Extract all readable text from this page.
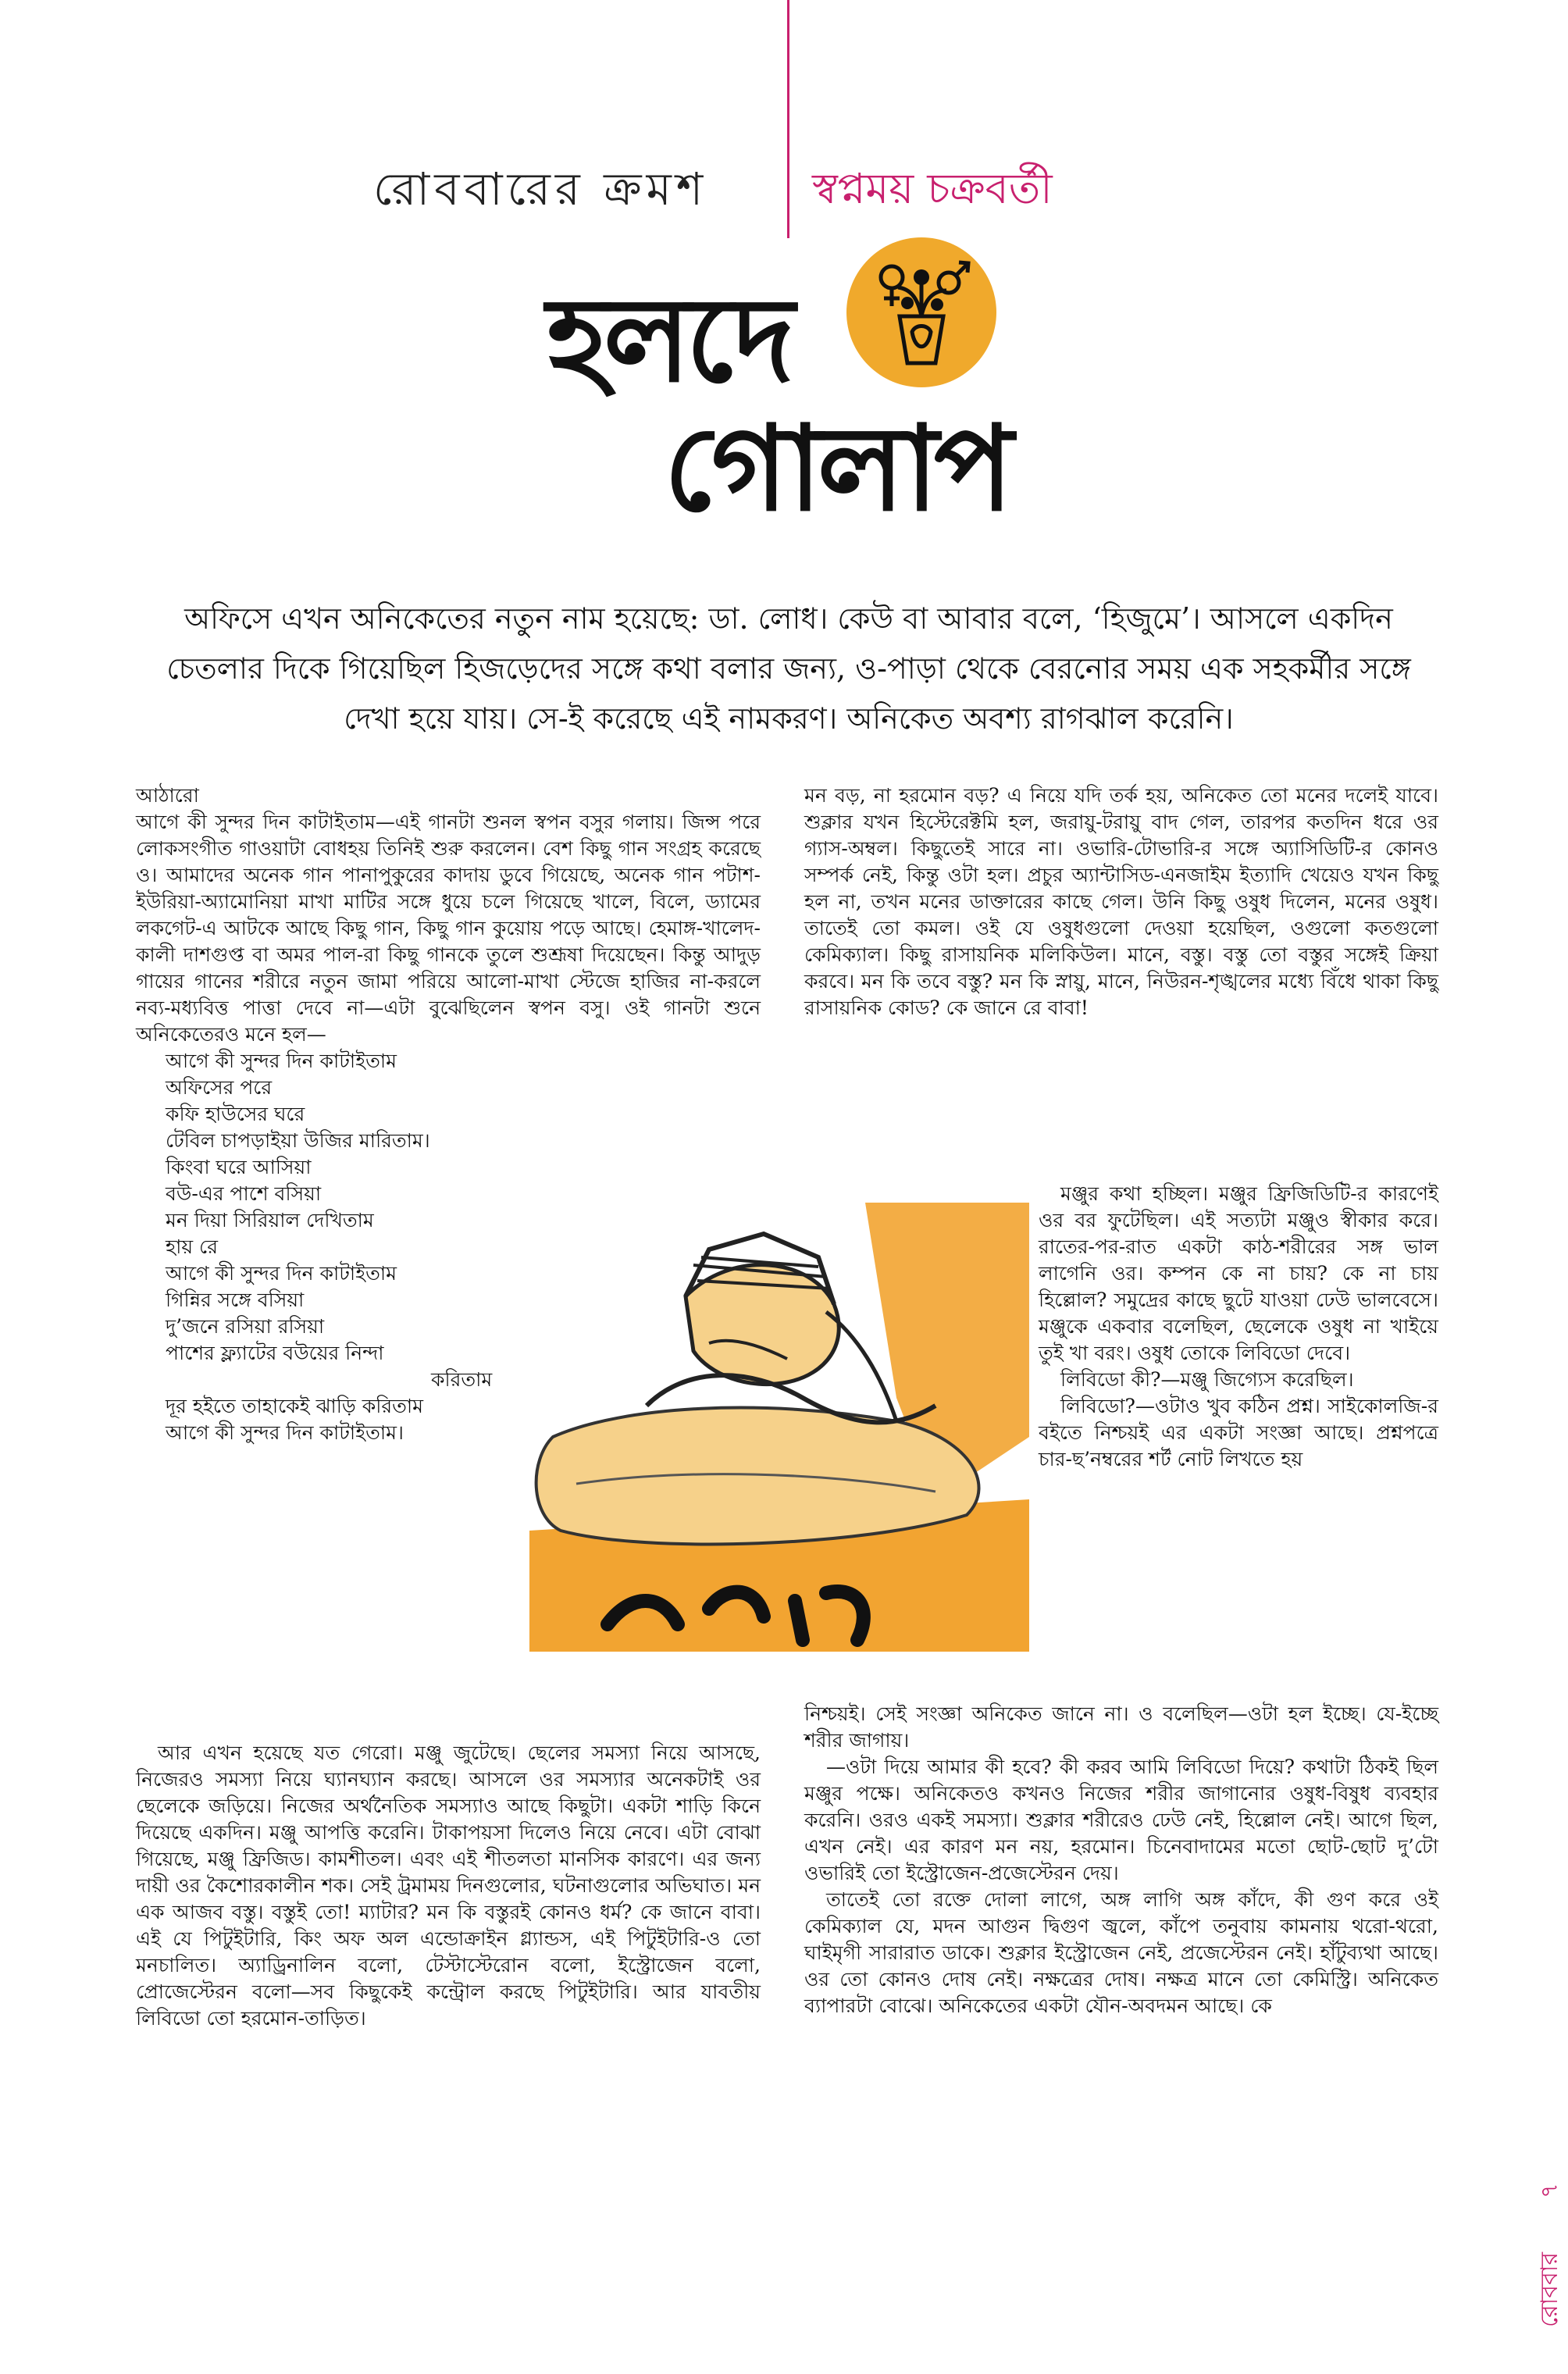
রোববারের ক্রমশ স্বপ্নময় চক্রবর্তী
হলদে
গোলাপ
অফিসে এখন অনিকেতের নতুন নাম হয়েছে: ডা. লোধ। কেউ বা আবার বলে, ‘হিজুমে’। আসলে একদিন চেতলার দিকে গিয়েছিল হিজড়েদের সঙ্গে কথা বলার জন্য, ও-পাড়া থেকে বেরনোর সময় এক সহকর্মীর সঙ্গে দেখা হয়ে যায়। সে-ই করেছে এই নামকরণ। অনিকেত অবশ্য রাগঝাল করেনি।

আঠারো

আগে কী সুন্দর দিন কাটাইতাম—এই গানটা শুনল স্বপন বসুর গলায়। জিন্স পরে লোকসংগীত গাওয়াটা বোধহয় তিনিই শুরু করলেন। বেশ কিছু গান সংগ্রহ করেছে ও। আমাদের অনেক গান পানাপুকুরের কাদায় ডুবে গিয়েছে, অনেক গান পটাশ-ইউরিয়া-অ্যামোনিয়া মাখা মাটির সঙ্গে ধুয়ে চলে গিয়েছে খালে, বিলে, ড্যামের লকগেট-এ আটকে আছে কিছু গান, কিছু গান কুয়োয় পড়ে আছে। হেমাঙ্গ-খালেদ-কালী দাশগুপ্ত বা অমর পাল-রা কিছু গানকে তুলে শুশ্রূষা দিয়েছেন। কিন্তু আদুড় গায়ের গানের শরীরে নতুন জামা পরিয়ে আলো-মাখা স্টেজে হাজির না-করলে নব্য-মধ্যবিত্ত পাত্তা দেবে না—এটা বুঝেছিলেন স্বপন বসু। ওই গানটা শুনে অনিকেতেরও মনে হল—

আগে কী সুন্দর দিন কাটাইতাম

অফিসের পরে

কফি হাউসের ঘরে

টেবিল চাপড়াইয়া উজির মারিতাম।

কিংবা ঘরে আসিয়া

বউ-এর পাশে বসিয়া

মন দিয়া সিরিয়াল দেখিতাম

হায় রে

আগে কী সুন্দর দিন কাটাইতাম

গিন্নির সঙ্গে বসিয়া

দু’জনে রসিয়া রসিয়া

পাশের ফ্ল্যাটের বউয়ের নিন্দা

করিতাম

দূর হইতে তাহাকেই ঝাড়ি করিতাম

আগে কী সুন্দর দিন কাটাইতাম।

আর এখন হয়েছে যত গেরো। মঞ্জু জুটেছে। ছেলের সমস্যা নিয়ে আসছে, নিজেরও সমস্যা নিয়ে ঘ্যানঘ্যান করছে। আসলে ওর সমস্যার অনেকটাই ওর ছেলেকে জড়িয়ে। নিজের অর্থনৈতিক সমস্যাও আছে কিছুটা। একটা শাড়ি কিনে দিয়েছে একদিন। মঞ্জু আপত্তি করেনি। টাকাপয়সা দিলেও নিয়ে নেবে। এটা বোঝা গিয়েছে, মঞ্জু ফ্রিজিড। কামশীতল। এবং এই শীতলতা মানসিক কারণে। এর জন্য দায়ী ওর কৈশোরকালীন শক। সেই ট্রমাময় দিনগুলোর, ঘটনাগুলোর অভিঘাত। মন এক আজব বস্তু। বস্তুই তো! ম্যাটার? মন কি বস্তুরই কোনও ধর্ম? কে জানে বাবা। এই যে পিটুইটারি, কিং অফ অল এন্ডোক্রাইন গ্ল্যান্ডস, এই পিটুইটারি-ও তো মনচালিত। অ্যাড্রিনালিন বলো, টেস্টাস্টেরোন বলো, ইস্ট্রোজেন বলো, প্রোজেস্টেরন বলো—সব কিছুকেই কন্ট্রোল করছে পিটুইটারি। আর যাবতীয় লিবিডো তো হরমোন-তাড়িত।

মন বড়, না হরমোন বড়? এ নিয়ে যদি তর্ক হয়, অনিকেত তো মনের দলেই যাবে। শুক্লার যখন হিস্টেরেক্টমি হল, জরায়ু-টরায়ু বাদ গেল, তারপর কতদিন ধরে ওর গ্যাস-অম্বল। কিছুতেই সারে না। ওভারি-টোভারি-র সঙ্গে অ্যাসিডিটি-র কোনও সম্পর্ক নেই, কিন্তু ওটা হল। প্রচুর অ্যান্টাসিড-এনজাইম ইত্যাদি খেয়েও যখন কিছু হল না, তখন মনের ডাক্তারের কাছে গেল। উনি কিছু ওষুধ দিলেন, মনের ওষুধ। তাতেই তো কমল। ওই যে ওষুধগুলো দেওয়া হয়েছিল, ওগুলো কতগুলো কেমিক্যাল। কিছু রাসায়নিক মলিকিউল। মানে, বস্তু। বস্তু তো বস্তুর সঙ্গেই ক্রিয়া করবে। মন কি তবে বস্তু? মন কি স্নায়ু, মানে, নিউরন-শৃঙ্খলের মধ্যে বিঁধে থাকা কিছু রাসায়নিক কোড? কে জানে রে বাবা!

মঞ্জুর কথা হচ্ছিল। মঞ্জুর ফ্রিজিডিটি-র কারণেই ওর বর ফুটেছিল। এই সত্যটা মঞ্জুও স্বীকার করে। রাতের-পর-রাত একটা কাঠ-শরীরের সঙ্গ ভাল লাগেনি ওর। কম্পন কে না চায়? কে না চায় হিল্লোল? সমুদ্রের কাছে ছুটে যাওয়া ঢেউ ভালবেসে। মঞ্জুকে একবার বলেছিল, ছেলেকে ওষুধ না খাইয়ে তুই খা বরং। ওষুধ তোকে লিবিডো দেবে।

লিবিডো কী?—মঞ্জু জিগ্যেস করেছিল।

লিবিডো?—ওটাও খুব কঠিন প্রশ্ন। সাইকোলজি-র বইতে নিশ্চয়ই এর একটা সংজ্ঞা আছে। প্রশ্নপত্রে চার-ছ’নম্বরের শর্ট নোট লিখতে হয়

নিশ্চয়ই। সেই সংজ্ঞা অনিকেত জানে না। ও বলেছিল—ওটা হল ইচ্ছে। যে-ইচ্ছে শরীর জাগায়।

—ওটা দিয়ে আমার কী হবে? কী করব আমি লিবিডো দিয়ে? কথাটা ঠিকই ছিল মঞ্জুর পক্ষে। অনিকেতও কখনও নিজের শরীর জাগানোর ওষুধ-বিষুধ ব্যবহার করেনি। ওরও একই সমস্যা। শুক্লার শরীরেও ঢেউ নেই, হিল্লোল নেই। আগে ছিল, এখন নেই। এর কারণ মন নয়, হরমোন। চিনেবাদামের মতো ছোট-ছোট দু’টো ওভারিই তো ইস্ট্রোজেন-প্রজেস্টেরন দেয়।

তাতেই তো রক্তে দোলা লাগে, অঙ্গ লাগি অঙ্গ কাঁদে, কী গুণ করে ওই কেমিক্যাল যে, মদন আগুন দ্বিগুণ জ্বলে, কাঁপে তনুবায় কামনায় থরো-থরো, ঘাইমৃগী সারারাত ডাকে। শুক্লার ইস্ট্রোজেন নেই, প্রজেস্টেরন নেই। হাঁটুব্যথা আছে। ওর তো কোনও দোষ নেই। নক্ষত্রের দোষ। নক্ষত্র মানে তো কেমিস্ট্রি। অনিকেত ব্যাপারটা বোঝে। অনিকেতের একটা যৌন-অবদমন আছে। কে

রোববার  ৭
